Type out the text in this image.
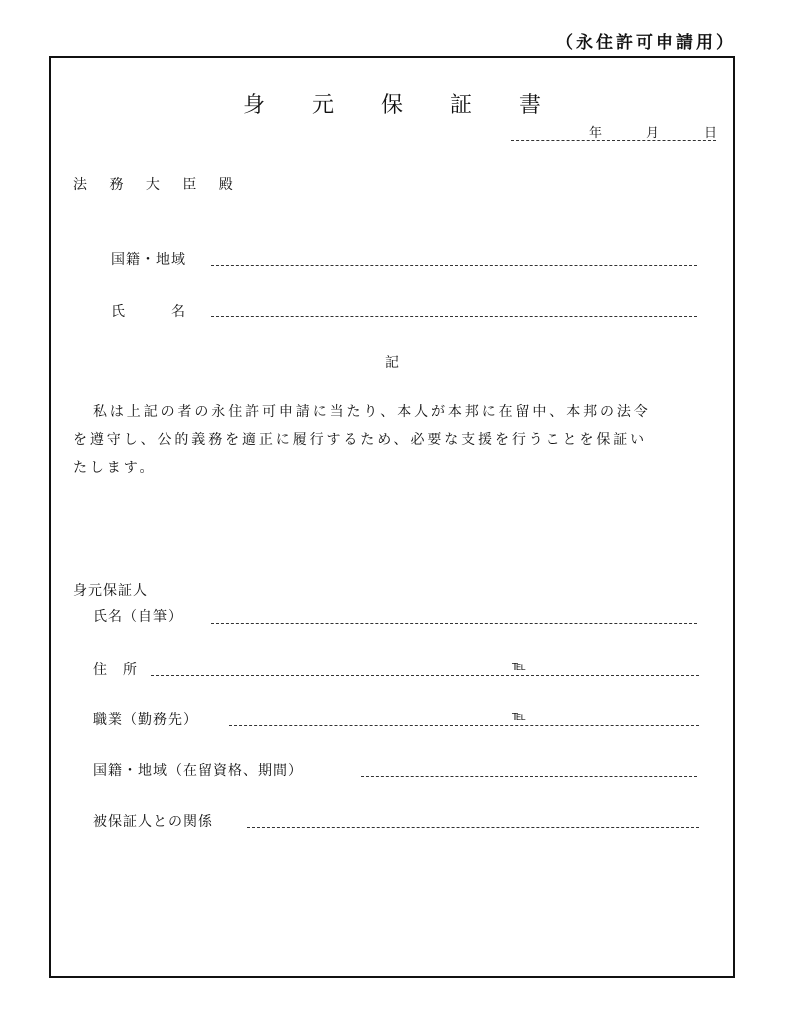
（永住許可申請用）
身 元 保 証 書
年	月	日
法 務 大 臣 殿
国籍・地域
氏　　　名
記
私は上記の者の永住許可申請に当たり、本人が本邦に在留中、本邦の法令
を遵守し、公的義務を適正に履行するため、必要な支援を行うことを保証い
たします。
身元保証人
氏名（自筆）
住　所	℡
職業（勤務先）	℡
国籍・地域（在留資格、期間）
被保証人との関係
